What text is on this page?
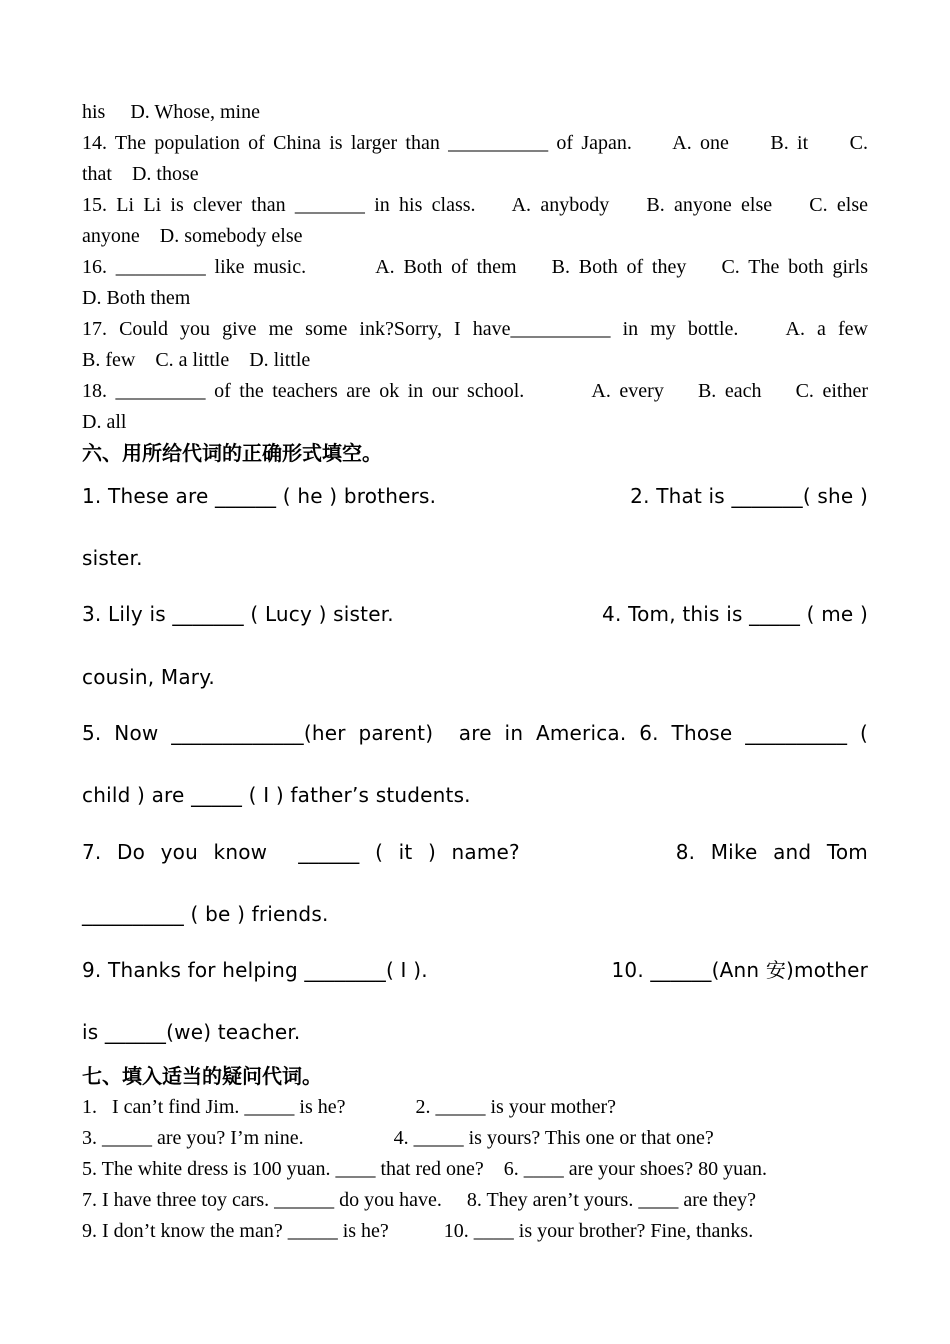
his     D. Whose, mine
14. The population of China is larger than __________ of Japan.     A. one     B. it     C.
that    D. those
15. Li Li is clever than _______ in his class.    A. anybody    B. anyone else    C. else
anyone    D. somebody else
16. _________ like music.        A. Both of them    B. Both of they    C. The both girls
D. Both them
17. Could you give me some ink?Sorry, I have__________ in my bottle.    A. a few
B. few    C. a little    D. little
18. _________ of the teachers are ok in our school.        A. every    B. each    C. either
D. all
六、用所给代词的正确形式填空。
1. These are ______ ( he ) brothers.	2. That is _______( she )
sister.
3. Lily is _______ ( Lucy ) sister.	4. Tom, this is _____ ( me )
cousin, Mary.
5. Now _____________(her parent)  are in America. 6. Those __________ (
child ) are _____ ( I ) father’s students.
7. Do you know  ______ ( it ) name?	8. Mike and Tom
__________ ( be ) friends.
9. Thanks for helping ________( I ).	10. ______(Ann 安)mother
is ______(we) teacher.
七、填入适当的疑问代词。
1.   I can’t find Jim. _____ is he?              2. _____ is your mother?
3. _____ are you? I’m nine.                  4. _____ is yours? This one or that one?
5. The white dress is 100 yuan. ____ that red one?    6. ____ are your shoes? 80 yuan.
7. I have three toy cars. ______ do you have.     8. They aren’t yours. ____ are they?
9. I don’t know the man? _____ is he?           10. ____ is your brother? Fine, thanks.
